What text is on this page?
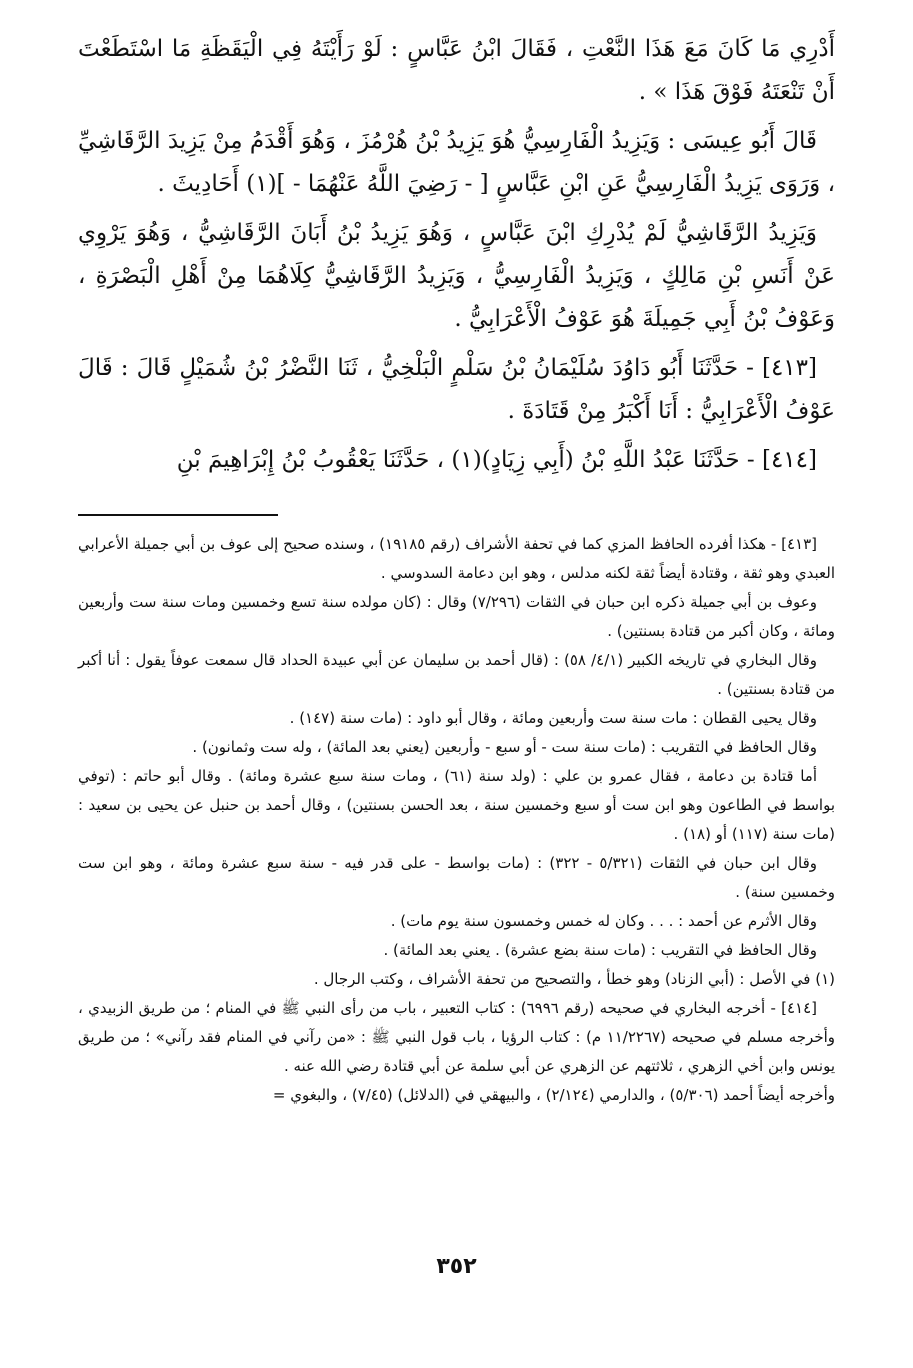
أَدْرِي مَا كَانَ مَعَ هَذَا النَّعْتِ ، فَقَالَ ابْنُ عَبَّاسٍ : لَوْ رَأَيْتَهُ فِي الْيَقَظَةِ مَا اسْتَطَعْتَ أَنْ تَنْعَتَهُ فَوْقَ هَذَا » .

قَالَ أَبُو عِيسَى : وَيَزِيدُ الْفَارِسِيُّ هُوَ يَزِيدُ بْنُ هُرْمُزَ ، وَهُوَ أَقْدَمُ مِنْ يَزِيدَ الرَّقَاشِيِّ ، وَرَوَى يَزِيدُ الْفَارِسِيُّ عَنِ ابْنِ عَبَّاسٍ [ - رَضِيَ اللَّهُ عَنْهُمَا - ](١) أَحَادِيثَ .

وَيَزِيدُ الرَّقَاشِيُّ لَمْ يُدْرِكِ ابْنَ عَبَّاسٍ ، وَهُوَ يَزِيدُ بْنُ أَبَانَ الرَّقَاشِيُّ ، وَهُوَ يَرْوِي عَنْ أَنَسِ بْنِ مَالِكٍ ، وَيَزِيدُ الْفَارِسِيُّ ، وَيَزِيدُ الرَّقَاشِيُّ كِلَاهُمَا مِنْ أَهْلِ الْبَصْرَةِ ، وَعَوْفُ بْنُ أَبِي جَمِيلَةَ هُوَ عَوْفُ الْأَعْرَابِيُّ .

[٤١٣] - حَدَّثَنَا أَبُو دَاوُدَ سُلَيْمَانُ بْنُ سَلْمٍ الْبَلْخِيُّ ، ثَنَا النَّضْرُ بْنُ شُمَيْلٍ قَالَ : قَالَ عَوْفُ الْأَعْرَابِيُّ : أَنَا أَكْبَرُ مِنْ قَتَادَةَ .

[٤١٤] - حَدَّثَنَا عَبْدُ اللَّهِ بْنُ (أَبِي زِيَادٍ)(١) ، حَدَّثَنَا يَعْقُوبُ بْنُ إِبْرَاهِيمَ بْنِ

[٤١٣] - هكذا أفرده الحافظ المزي كما في تحفة الأشراف (رقم ١٩١٨٥) ، وسنده صحيح إلى عوف بن أبي جميلة الأعرابي العبدي وهو ثقة ، وقتادة أيضاً ثقة لكنه مدلس ، وهو ابن دعامة السدوسي .

وعوف بن أبي جميلة ذكره ابن حبان في الثقات (٧/٢٩٦) وقال : (كان مولده سنة تسع وخمسين ومات سنة ست وأربعين ومائة ، وكان أكبر من قتادة بسنتين) .

وقال البخاري في تاريخه الكبير (٤/١/ ٥٨) : (قال أحمد بن سليمان عن أبي عبيدة الحداد قال سمعت عوفاً يقول : أنا أكبر من قتادة بسنتين) .

وقال يحيى القطان : مات سنة ست وأربعين ومائة ، وقال أبو داود : (مات سنة (١٤٧) .

وقال الحافظ في التقريب : (مات سنة ست - أو سبع - وأربعين (يعني بعد المائة) ، وله ست وثمانون) .

أما قتادة بن دعامة ، فقال عمرو بن علي : (ولد سنة (٦١) ، ومات سنة سبع عشرة ومائة) . وقال أبو حاتم : (توفي بواسط في الطاعون وهو ابن ست أو سبع وخمسين سنة ، بعد الحسن بسنتين) ، وقال أحمد بن حنبل عن يحيى بن سعيد : (مات سنة (١١٧) أو (١٨) .

وقال ابن حبان في الثقات (٥/٣٢١ - ٣٢٢) : (مات بواسط - على قدر فيه - سنة سبع عشرة ومائة ، وهو ابن ست وخمسين سنة) .

وقال الأثرم عن أحمد : . . . وكان له خمس وخمسون سنة يوم مات) .

وقال الحافظ في التقريب : (مات سنة بضع عشرة) . يعني بعد المائة) .

(١) في الأصل : (أبي الزناد) وهو خطأ ، والتصحيح من تحفة الأشراف ، وكتب الرجال .

[٤١٤] - أخرجه البخاري في صحيحه (رقم ٦٩٩٦) : كتاب التعبير ، باب من رأى النبي ﷺ في المنام ؛ من طريق الزبيدي ، وأخرجه مسلم في صحيحه (١١/٢٢٦٧ م) : كتاب الرؤيا ، باب قول النبي ﷺ : «من رآني في المنام فقد رآني» ؛ من طريق يونس وابن أخي الزهري ، ثلاثتهم عن الزهري عن أبي سلمة عن أبي قتادة رضي الله عنه .

وأخرجه أيضاً أحمد (٥/٣٠٦) ، والدارمي (٢/١٢٤) ، والبيهقي في (الدلائل) (٧/٤٥) ، والبغوي =

٣٥٢
